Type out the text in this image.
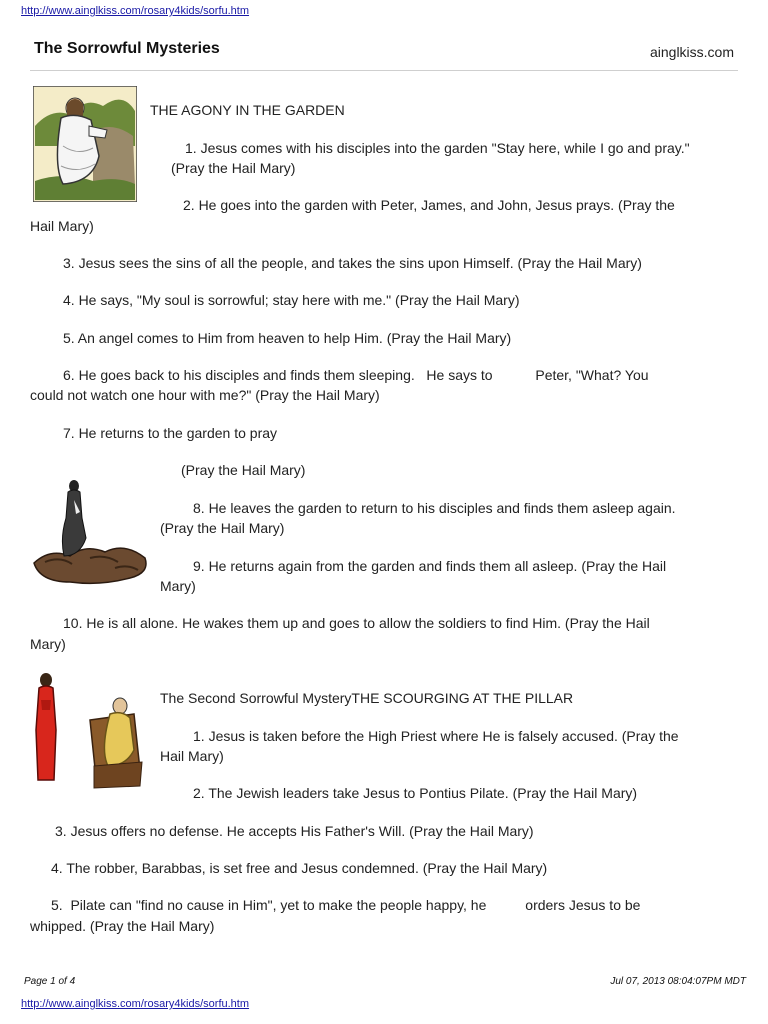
http://www.ainglkiss.com/rosary4kids/sorfu.htm
The Sorrowful Mysteries	ainglkiss.com
THE AGONY IN THE GARDEN
1. Jesus comes with his disciples into the garden "Stay here, while I go and pray."
(Pray the Hail Mary)
2. He goes into the garden with Peter, James, and John, Jesus prays. (Pray the
Hail Mary)
3. Jesus sees the sins of all the people, and takes the sins upon Himself. (Pray the Hail Mary)
4. He says, "My soul is sorrowful; stay here with me." (Pray the Hail Mary)
5. An angel comes to Him from heaven to help Him. (Pray the Hail Mary)
6. He goes back to his disciples and finds them sleeping.   He says to           Peter, "What? You
could not watch one hour with me?" (Pray the Hail Mary)
7. He returns to the garden to pray
(Pray the Hail Mary)
8. He leaves the garden to return to his disciples and finds them asleep again.
(Pray the Hail Mary)
9. He returns again from the garden and finds them all asleep. (Pray the Hail
Mary)
10. He is all alone. He wakes them up and goes to allow the soldiers to find Him. (Pray the Hail
Mary)
The Second Sorrowful MysteryTHE SCOURGING AT THE PILLAR
1. Jesus is taken before the High Priest where He is falsely accused. (Pray the
Hail Mary)
2. The Jewish leaders take Jesus to Pontius Pilate. (Pray the Hail Mary)
3. Jesus offers no defense. He accepts His Father's Will. (Pray the Hail Mary)
4. The robber, Barabbas, is set free and Jesus condemned. (Pray the Hail Mary)
5.  Pilate can "find no cause in Him", yet to make the people happy, he          orders Jesus to be
whipped. (Pray the Hail Mary)
Page 1 of 4	Jul 07, 2013 08:04:07PM MDT
http://www.ainglkiss.com/rosary4kids/sorfu.htm
